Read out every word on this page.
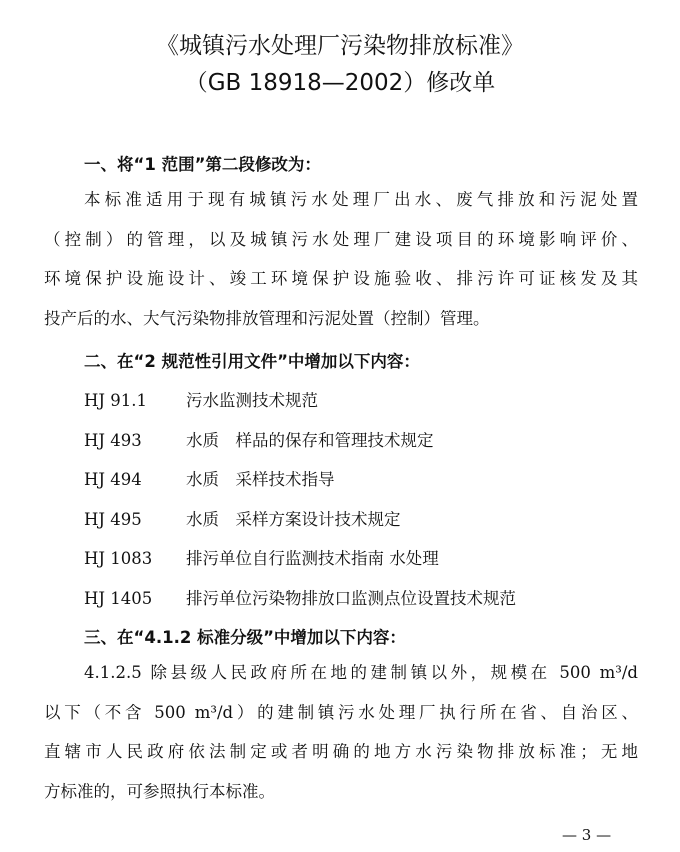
《城镇污水处理厂污染物排放标准》
（GB 18918—2002）修改单
一、将“1 范围”第二段修改为：
本标准适用于现有城镇污水处理厂出水、废气排放和污泥处置
（控制）的管理，以及城镇污水处理厂建设项目的环境影响评价、
环境保护设施设计、竣工环境保护设施验收、排污许可证核发及其
投产后的水、大气污染物排放管理和污泥处置（控制）管理。
二、在“2 规范性引用文件”中增加以下内容：
HJ 91.1 污水监测技术规范
HJ 493	水质　样品的保存和管理技术规定
HJ 494	水质　采样技术指导
HJ 495	水质　采样方案设计技术规定
HJ 1083 排污单位自行监测技术指南 水处理
HJ 1405 排污单位污染物排放口监测点位设置技术规范
三、在“4.1.2 标准分级”中增加以下内容：
4.1.2.5 除县级人民政府所在地的建制镇以外，规模在 500 m³/d
以下（不含 500 m³/d）的建制镇污水处理厂执行所在省、自治区、
直辖市人民政府依法制定或者明确的地方水污染物排放标准；无地
方标准的，可参照执行本标准。
— 3 —
